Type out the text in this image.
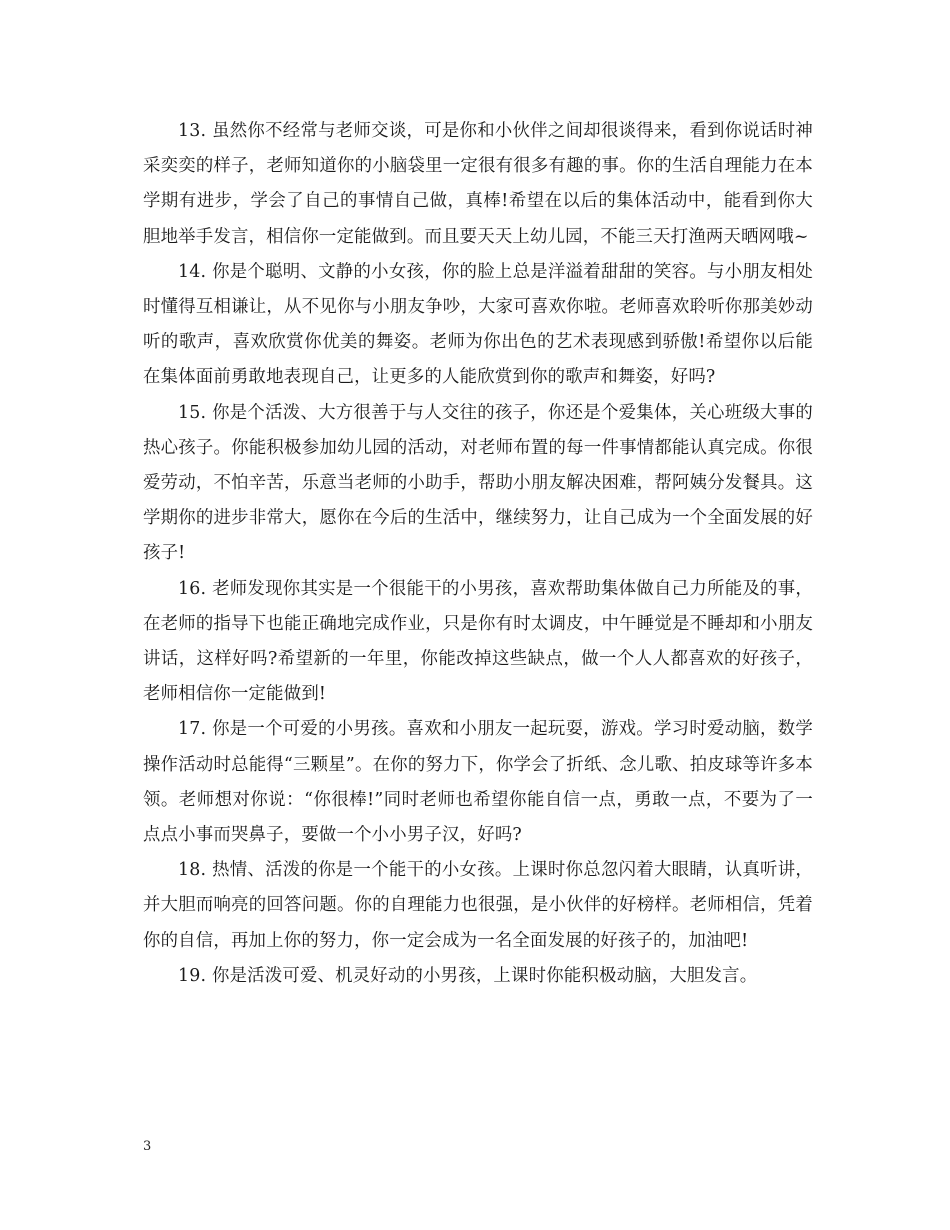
13. 虽然你不经常与老师交谈，可是你和小伙伴之间却很谈得来，看到你说话时神采奕奕的样子，老师知道你的小脑袋里一定很有很多有趣的事。你的生活自理能力在本学期有进步，学会了自己的事情自己做，真棒!希望在以后的集体活动中，能看到你大胆地举手发言，相信你一定能做到。而且要天天上幼儿园，不能三天打渔两天晒网哦~

14. 你是个聪明、文静的小女孩，你的脸上总是洋溢着甜甜的笑容。与小朋友相处时懂得互相谦让，从不见你与小朋友争吵，大家可喜欢你啦。老师喜欢聆听你那美妙动听的歌声，喜欢欣赏你优美的舞姿。老师为你出色的艺术表现感到骄傲!希望你以后能在集体面前勇敢地表现自己，让更多的人能欣赏到你的歌声和舞姿，好吗?

15. 你是个活泼、大方很善于与人交往的孩子，你还是个爱集体，关心班级大事的热心孩子。你能积极参加幼儿园的活动，对老师布置的每一件事情都能认真完成。你很爱劳动，不怕辛苦，乐意当老师的小助手，帮助小朋友解决困难，帮阿姨分发餐具。这学期你的进步非常大，愿你在今后的生活中，继续努力，让自己成为一个全面发展的好孩子!

16. 老师发现你其实是一个很能干的小男孩，喜欢帮助集体做自己力所能及的事，在老师的指导下也能正确地完成作业，只是你有时太调皮，中午睡觉是不睡却和小朋友讲话，这样好吗?希望新的一年里，你能改掉这些缺点，做一个人人都喜欢的好孩子，老师相信你一定能做到!

17. 你是一个可爱的小男孩。喜欢和小朋友一起玩耍，游戏。学习时爱动脑，数学操作活动时总能得“三颗星”。在你的努力下，你学会了折纸、念儿歌、拍皮球等许多本领。老师想对你说：“你很棒!”同时老师也希望你能自信一点，勇敢一点，不要为了一点点小事而哭鼻子，要做一个小小男子汉，好吗?

18. 热情、活泼的你是一个能干的小女孩。上课时你总忽闪着大眼睛，认真听讲，并大胆而响亮的回答问题。你的自理能力也很强，是小伙伴的好榜样。老师相信，凭着你的自信，再加上你的努力，你一定会成为一名全面发展的好孩子的，加油吧!

19. 你是活泼可爱、机灵好动的小男孩，上课时你能积极动脑，大胆发言。

3
